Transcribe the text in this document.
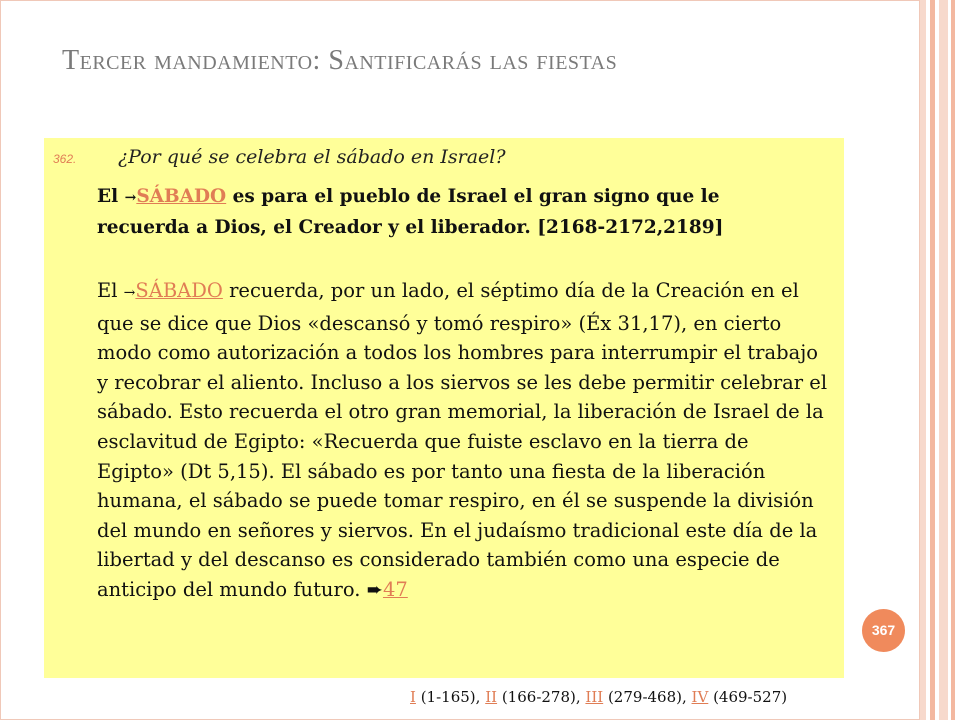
Tercer mandamiento: Santificarás las fiestas
362. ¿Por qué se celebra el sábado en Israel?
El →SÁBADO es para el pueblo de Israel el gran signo que le recuerda a Dios, el Creador y el liberador. [2168-2172,2189]
El →SÁBADO recuerda, por un lado, el séptimo día de la Creación en el que se dice que Dios «descansó y tomó respiro» (Éx 31,17), en cierto modo como autorización a todos los hombres para interrumpir el trabajo y recobrar el aliento. Incluso a los siervos se les debe permitir celebrar el sábado. Esto recuerda el otro gran memorial, la liberación de Israel de la esclavitud de Egipto: «Recuerda que fuiste esclavo en la tierra de Egipto» (Dt 5,15). El sábado es por tanto una fiesta de la liberación humana, el sábado se puede tomar respiro, en él se suspende la división del mundo en señores y siervos. En el judaísmo tradicional este día de la libertad y del descanso es considerado también como una especie de anticipo del mundo futuro. ➨47
367
I (1-165), II (166-278), III (279-468), IV (469-527)
